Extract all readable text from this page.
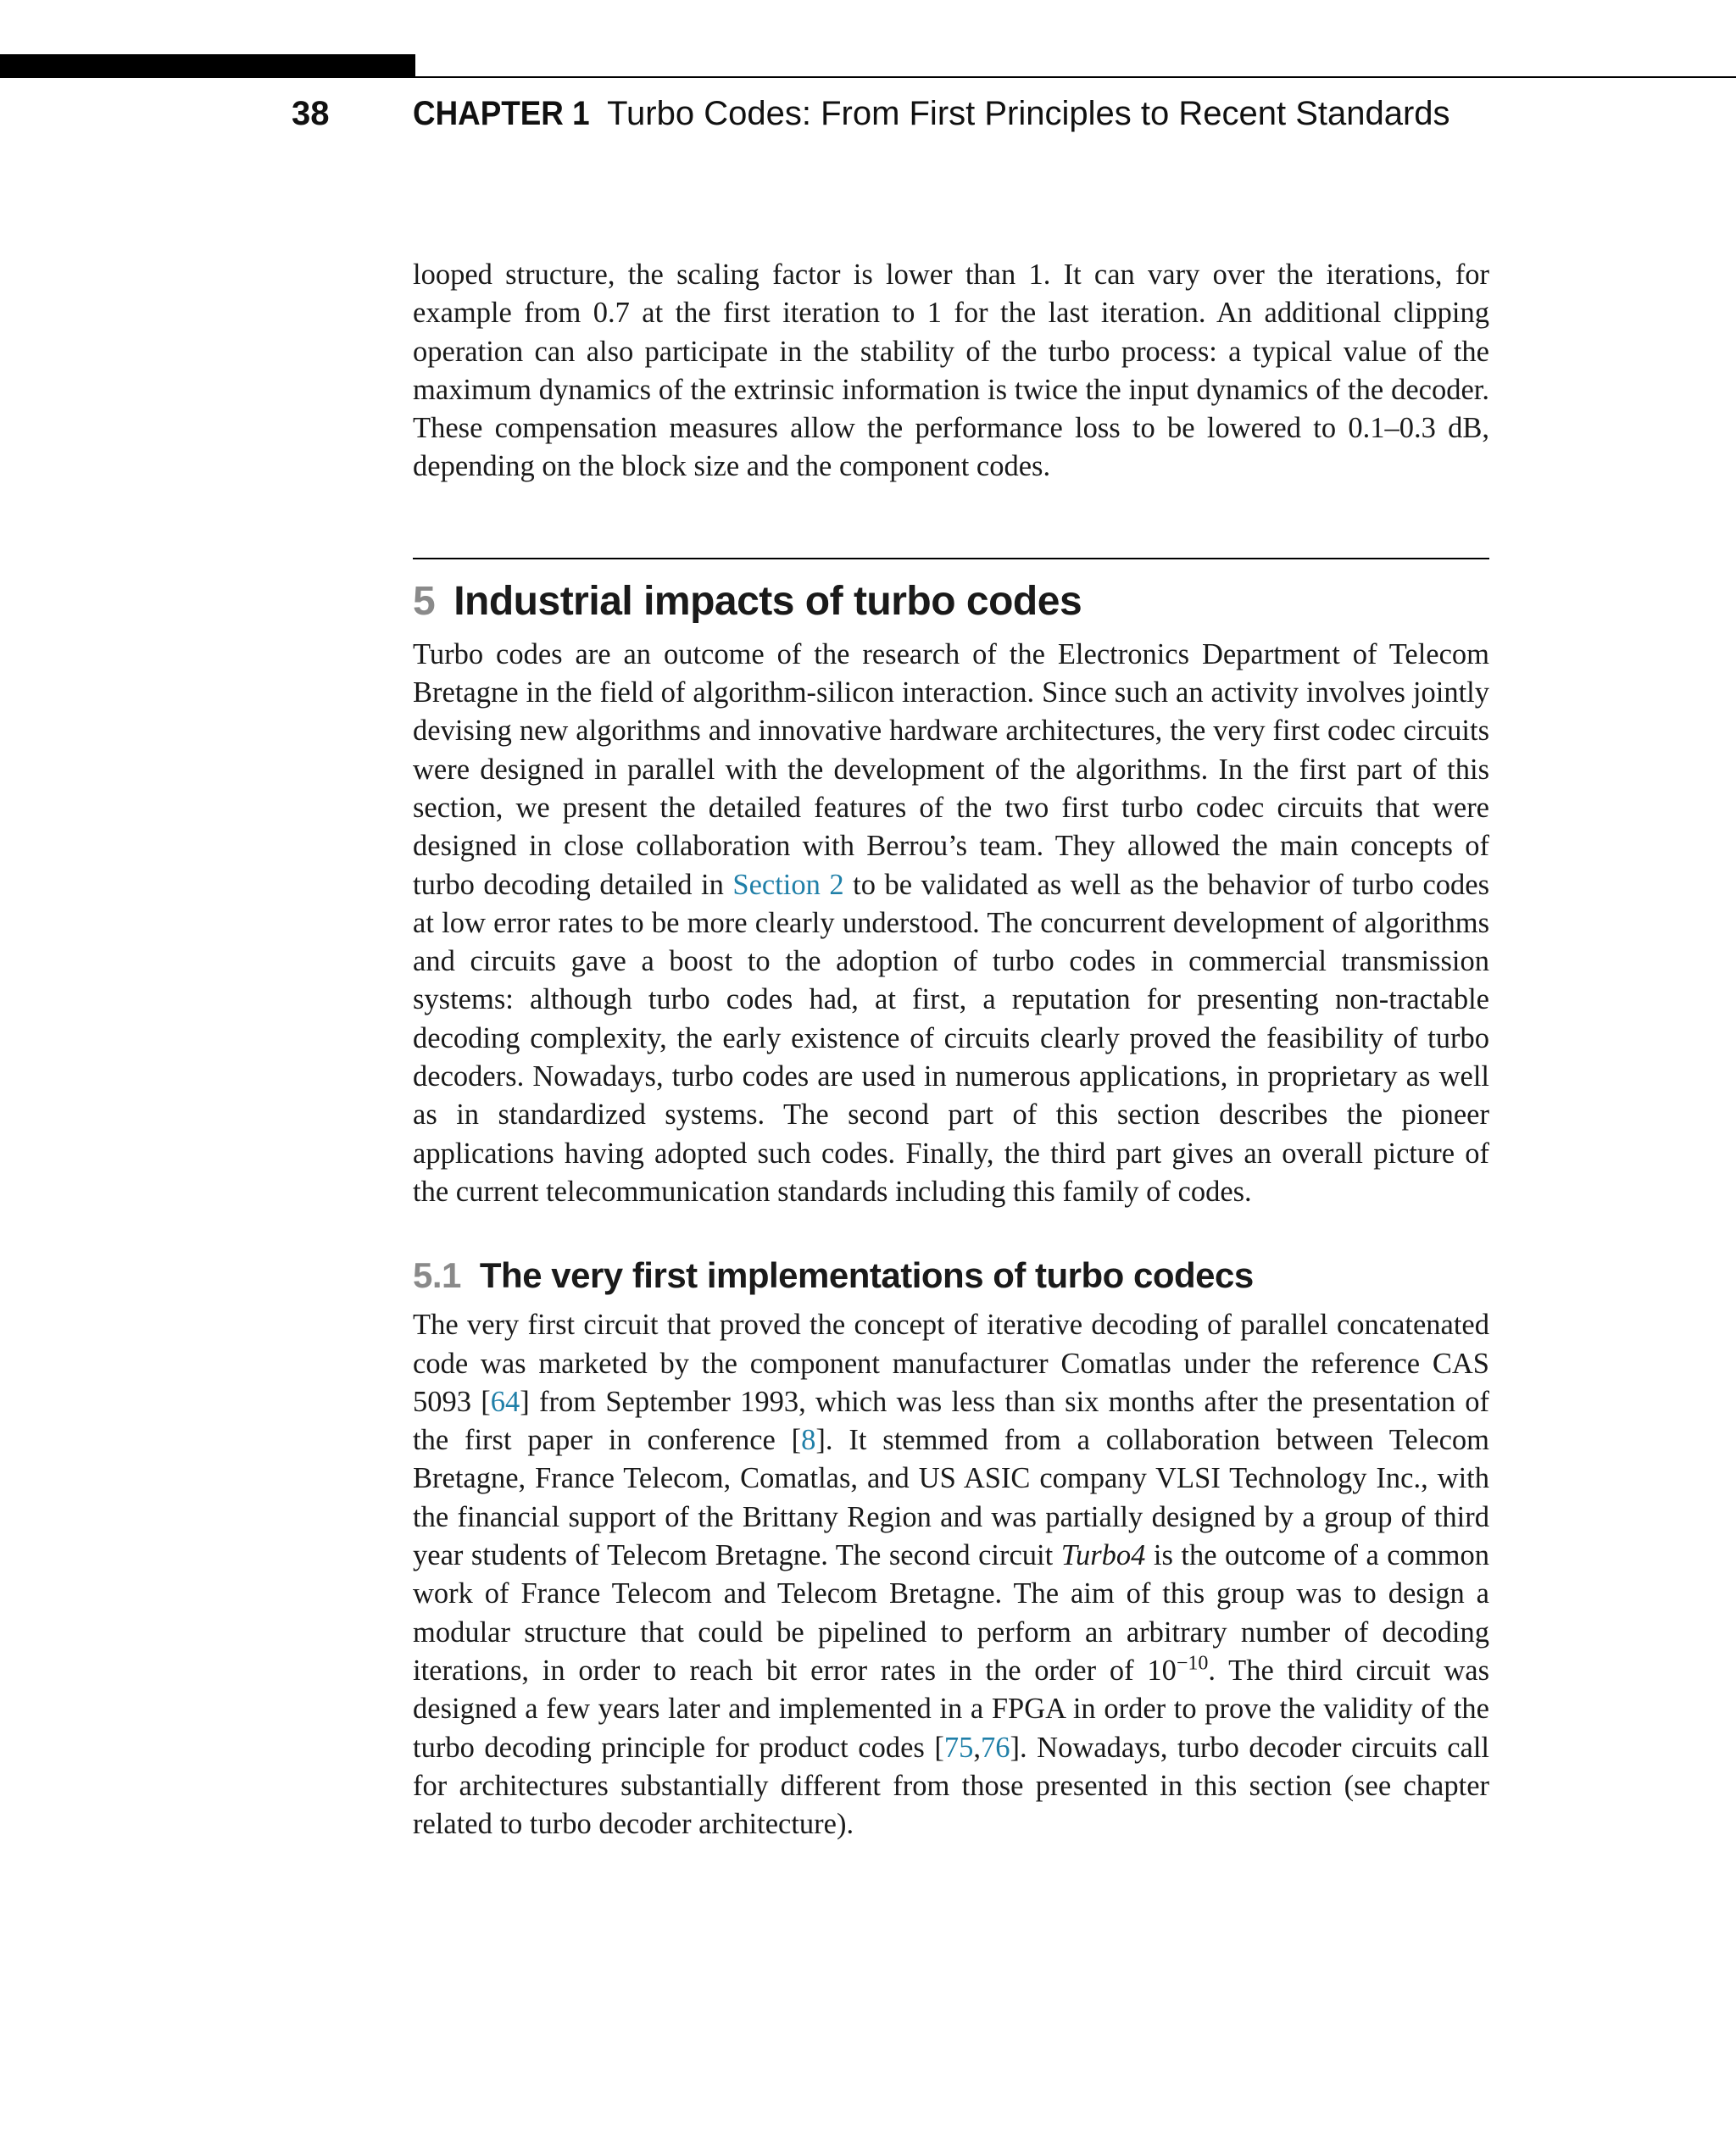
38 CHAPTER 1 Turbo Codes: From First Principles to Recent Standards

looped structure, the scaling factor is lower than 1. It can vary over the iterations, for example from 0.7 at the first iteration to 1 for the last iteration. An additional clipping operation can also participate in the stability of the turbo process: a typical value of the maximum dynamics of the extrinsic information is twice the input dynamics of the decoder. These compensation measures allow the performance loss to be lowered to 0.1–0.3 dB, depending on the block size and the component codes.

5 Industrial impacts of turbo codes

Turbo codes are an outcome of the research of the Electronics Department of Telecom Bretagne in the field of algorithm-silicon interaction. Since such an activity involves jointly devising new algorithms and innovative hardware architectures, the very first codec circuits were designed in parallel with the development of the algorithms. In the first part of this section, we present the detailed features of the two first turbo codec circuits that were designed in close collaboration with Berrou’s team. They allowed the main concepts of turbo decoding detailed in Section 2 to be validated as well as the behavior of turbo codes at low error rates to be more clearly understood. The concurrent development of algorithms and circuits gave a boost to the adoption of turbo codes in commercial transmission systems: although turbo codes had, at first, a reputation for presenting non-tractable decoding complexity, the early existence of circuits clearly proved the feasibility of turbo decoders. Nowadays, turbo codes are used in numerous applications, in proprietary as well as in standardized systems. The second part of this section describes the pioneer applications having adopted such codes. Finally, the third part gives an overall picture of the current telecommunication standards including this family of codes.

5.1 The very first implementations of turbo codecs

The very first circuit that proved the concept of iterative decoding of parallel concatenated code was marketed by the component manufacturer Comatlas under the reference CAS 5093 [64] from September 1993, which was less than six months after the presentation of the first paper in conference [8]. It stemmed from a collaboration between Telecom Bretagne, France Telecom, Comatlas, and US ASIC company VLSI Technology Inc., with the financial support of the Brittany Region and was partially designed by a group of third year students of Telecom Bretagne. The second circuit Turbo4 is the outcome of a common work of France Telecom and Telecom Bretagne. The aim of this group was to design a modular structure that could be pipelined to perform an arbitrary number of decoding iterations, in order to reach bit error rates in the order of $10^{-10}$. The third circuit was designed a few years later and implemented in a FPGA in order to prove the validity of the turbo decoding principle for product codes [75,76]. Nowadays, turbo decoder circuits call for architectures substantially different from those presented in this section (see chapter related to turbo decoder architecture).
